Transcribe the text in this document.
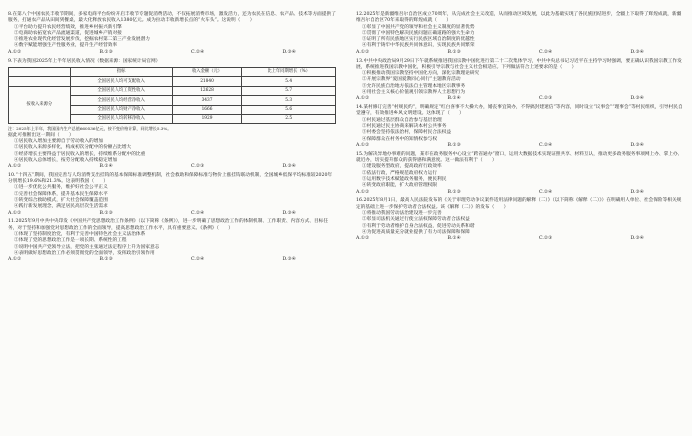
8.在第八个中国农民丰收节期间，多家电商平台纷纷开启丰收节专题促消费活动，不仅拓展消费市场，激发活力，还为农民在信息、农产品、技术等方面提供了服务，打通农产品从田间到餐桌，最大化释放农民收入1380亿元。成为拉动丰收新增长点的“火车头”。这说明（　　）

①平台助力提升农民经营绩效，推进乡村振兴新引擎

②电商助农拓宽农产品流通渠道，促进城乡产销对接

③推进农业现代化经营发展步伐，挖掘农村第二第三产业发展潜力

④数字赋能增强生产性服务业，提升生产经营效率

A.①②	B.①③	C.②④	D.③④

9.下表为我国2025年上半年居民收入情况（数据来源：国家统计局官网）

	指标	收入金额（元）	比上年同期增长（%）
	全国居民人均可支配收入	21840	5.4
按收入来源分	全国居民人均工资性收入	12628	5.7
	全国居民人均经营净收入	3437	5.3
	全国居民人均财产净收入	1666	5.6
	全国居民人均转移净收入	1929	2.5

注：2025年上半年，我国国内生产总值660536亿元，按不变价格计算，同比增长5.3%。

据此可推断出这一期间（　　）

①居民收入增加主要源自于劳动收入的增加

②居民收入来源多样化，构成初次分配中的份额占比增大

③经济增长主要得益于居民收入的增长，持续维系分配中的比重

④居民收入总体增长，按劳分配收入持续稳定增加

A.①②	B.①④	C.②③	D.③④

10.“十四五”期间，我国完善与人均消费支出挂钩的基本保障标准调整机制，社会救助和保障标准与物价上涨挂钩联动机制，全国城乡低保平均标准较2020年分别增长19.6%和21.3%。这表明我国（　　）

①进一步优化公共服务，维护好社会公平正义

②完善社会保障体系，提升基本民生保障水平

③转变综合救助模式，扩大社会保障覆盖范围

④践行新发展理念，满足居民高层次生活需求

A.①②	B.①③	C.②④	D.③④

11.2025年9月中共中央印发《中国共产党思想政治工作条例》（以下简称《条例》），进一步明确了思想政治工作的体制机制、工作职责、内容方式、目标任务，对于坚持和加强党对思想政治工作的全面领导，提高思想政治工作水平，具有重要意义。《条例》（　　）

①体现了坚持制度治党，有利于完善中国特色社会主义法治体系

②体现了党的思想政治工作是一项长期、系统性的工程

③说明中国共产党领导立法，把党的主张通过法定程序上升为国家意志

④表明做好思想政治工作必须贯彻党的全面领导，发挥政治引领作用

A.①②	B.①③	C.②④	D.③④

12.2025年是新疆维吾尔自治区成立70周年，从完成社会主义改造，从而推动区域发展，以此为基础实现了各民族团结进步，全疆上下取得了辉煌成就，新疆维吾尔自治区70年来取得的辉煌成就（　　）

①彰显了中国共产党的领导和社会主义制度的显著优势

②贯彻了中国特色解决民族问题正确道路的强大生命力

③证明了所有民族地区实行民族区域自治制度的优越性

④有利于铸牢中华民族共同体意识，实现民族共同繁荣

A.①②	B.①③	C.②④	D.③④

13.中共中央政治局9月29日下午就系统推进我国宗教中国化进行第二十二次集体学习，中共中央总书记习近平在主持学习时强调，要正确认识我国宗教工作发展，系统推进我国宗教中国化，积极引导宗教与社会主义社会相适应。下列做法符合上述要求的是（　　）

①积极推动我国宗教坚持中国化方向，深化宗教理论研究

②开展宗教界“爱国爱教同心同行”主题教育活动

③允许民族自治地方依法自主管理本地区宗教事务

④用社会主义核心价值观引领宗教界人士思想行为

A.①②	B.①④	C.②③	D.③④

14.某村修订完善“村规民约”，明确规定“红白喜事不大操大办，婚丧事宜简办，不得搞封建迷信”等内容，同时设立“议事会”“理事会”等村民组织，引导村民自觉遵守，有效推进乡风文明建设。这体现了（　　）

①村民通过基层群众自治参与基层治理

②村民通过民主协商来解决本村公共事务

③村委会坚持依法治村，保障村民合法权益

④保障群众在村务中的知情权参与权

A.①②	B.①③	C.②④	D.③④

15.为解决异地办事难的问题，某市在政务服务中心设立“跨省通办”窗口，运用大数据技术实现证照共享、材料互认，推动更多政务服务事项网上办、掌上办、就近办，切实提升群众的获得感和满意度。这一做法有利于（　　）

①建设服务型政府，提高政府行政效率

②依法行政，严格规范政府权力运行

③运用数字技术赋能政务服务，便民利民

④转变政府职能，扩大政府管理权限

A.①②	B.①③	C.②④	D.③④

16.2025年8月1日，最高人民法院发布的《关于审理劳动争议案件适用法律问题的解释（二）》（以下简称《解释（二）》）在明确用人单位、社会保险等相关规定的基础上进一步保护劳动者合法权益。该《解释（二）》的发布（　　）

①将推动我国劳动法治建设进一步完善

②彰显司法机关通过行使立法权保障劳动者合法权益

③有利于劳动者维护自身合法权益，促进劳动关系和谐

④为促进高质量充分就业提供了有力司法保障和保障

A.①②	B.①④	C.②③	D.③④
